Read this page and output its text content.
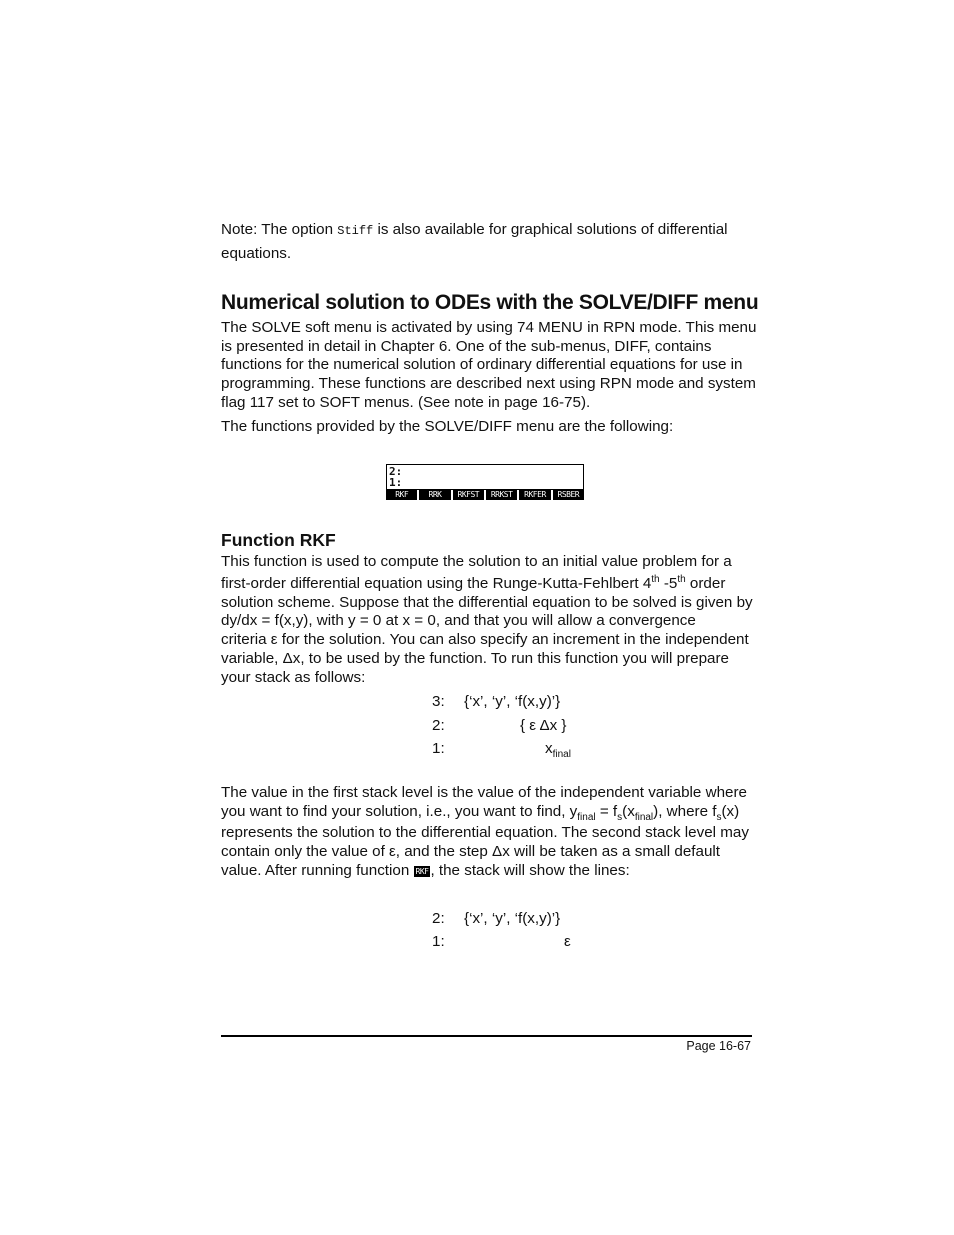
Note: The option Stiff is also available for graphical solutions of differential
equations.
Numerical solution to ODEs with the SOLVE/DIFF menu
The SOLVE soft menu is activated by using 74 MENU in RPN mode. This menu
is presented in detail in Chapter 6. One of the sub-menus, DIFF, contains
functions for the numerical solution of ordinary differential equations for use in
programming. These functions are described next using RPN mode and system
flag 117 set to SOFT menus. (See note in page 16-75).
The functions provided by the SOLVE/DIFF menu are the following:
2:
1:
RKF	RRK	RKFST	RRKST	RKFER	RSBER
Function RKF
This function is used to compute the solution to an initial value problem for a
first-order differential equation using the Runge-Kutta-Fehlbert 4th -5th order
solution scheme. Suppose that the differential equation to be solved is given by
dy/dx = f(x,y), with y = 0 at x = 0, and that you will allow a convergence
criteria ε for the solution. You can also specify an increment in the independent
variable, Δx, to be used by the function. To run this function you will prepare
your stack as follows:
3: {‘x’, ‘y’, ‘f(x,y)’}
2:	{ ε Δx }
1:	$x_{final}$
The value in the first stack level is the value of the independent variable where
you want to find your solution, i.e., you want to find, $y_{final} = f_s(x_{final})$, where $f_s(x)$
represents the solution to the differential equation. The second stack level may
contain only the value of ε, and the step Δx will be taken as a small default
value. After running function RKF , the stack will show the lines:
2: {‘x’, ‘y’, ‘f(x,y)’}
1:	ε
Page 16-67
